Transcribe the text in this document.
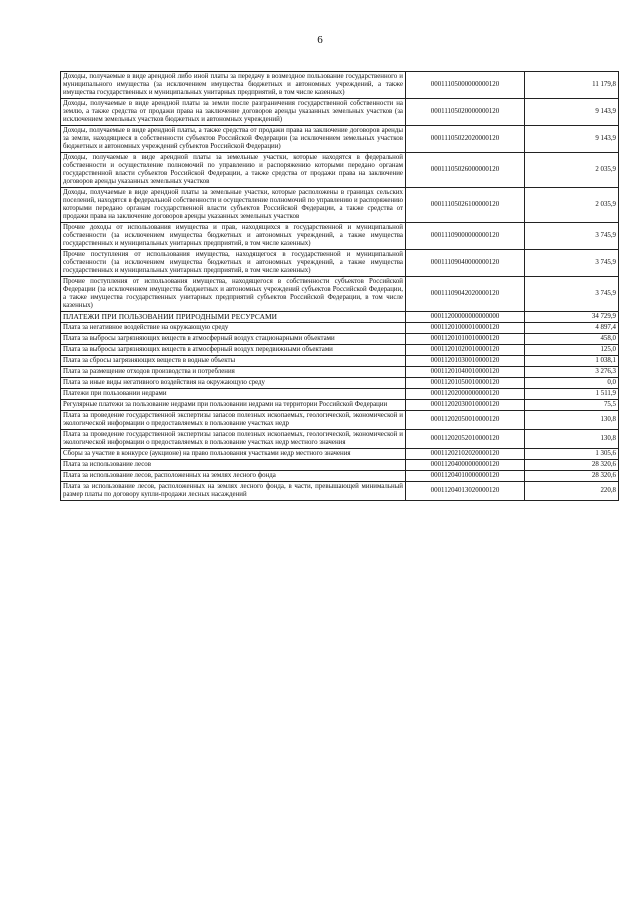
6
Доходы, получаемые в виде арендной либо иной платы за передачу в возмездное пользование государственного и муниципального имущества (за исключением имущества бюджетных и автономных учреждений, а также имущества государственных и муниципальных унитарных предприятий, в том числе казенных)	00011105000000000120	11 179,8
Доходы, получаемые в виде арендной платы за земли после разграничения государственной собственности на землю, а также средства от продажи права на заключение договоров аренды указанных земельных участков (за исключением земельных участков бюджетных и автономных учреждений)	00011105020000000120	9 143,9
Доходы, получаемые в виде арендной платы, а также средства от продажи права на заключение договоров аренды за земли, находящиеся в собственности субъектов Российской Федерации (за исключением земельных участков бюджетных и автономных учреждений субъектов Российской Федерации)	00011105022020000120	9 143,9
Доходы, получаемые в виде арендной платы за земельные участки, которые находятся в федеральной собственности и осуществление полномочий по управлению и распоряжению которыми передано органам государственной власти субъектов Российской Федерации, а также средства от продажи права на заключение договоров аренды указанных земельных участков	00011105026000000120	2 035,9
Доходы, получаемые в виде арендной платы за земельные участки, которые расположены в границах сельских поселений, находятся в федеральной собственности и осуществление полномочий по управлению и распоряжению которыми передано органам государственной власти субъектов Российской Федерации, а также средства от продажи права на заключение договоров аренды указанных земельных участков	00011105026100000120	2 035,9
Прочие доходы от использования имущества и прав, находящихся в государственной и муниципальной собственности (за исключением имущества бюджетных и автономных учреждений, а также имущества государственных и муниципальных унитарных предприятий, в том числе казенных)	00011109000000000120	3 745,9
Прочие поступления от использования имущества, находящегося в государственной и муниципальной собственности (за исключением имущества бюджетных и автономных учреждений, а также имущества государственных и муниципальных унитарных предприятий, в том числе казенных)	00011109040000000120	3 745,9
Прочие поступления от использования имущества, находящегося в собственности субъектов Российской Федерации (за исключением имущества бюджетных и автономных учреждений субъектов Российской Федерации, а также имущества государственных унитарных предприятий субъектов Российской Федерации, в том числе казенных)	00011109042020000120	3 745,9
ПЛАТЕЖИ ПРИ ПОЛЬЗОВАНИИ ПРИРОДНЫМИ РЕСУРСАМИ	00011200000000000000	34 729,9
Плата за негативное воздействие на окружающую среду	00011201000010000120	4 897,4
Плата за выбросы загрязняющих веществ в атмосферный воздух стационарными объектами	00011201010010000120	458,0
Плата за выбросы загрязняющих веществ в атмосферный воздух передвижными объектами	00011201020010000120	125,0
Плата за сбросы загрязняющих веществ в водные объекты	00011201030010000120	1 038,1
Плата за размещение отходов производства и потребления	00011201040010000120	3 276,3
Плата за иные виды негативного воздействия на окружающую среду	00011201050010000120	0,0
Платежи при пользовании недрами	00011202000000000120	1 511,9
Регулярные платежи за пользование недрами при пользовании недрами на территории Российской Федерации	00011202030010000120	75,5
Плата за проведение государственной экспертизы запасов полезных ископаемых, геологической, экономической и экологической информации о предоставляемых в пользование участках недр	00011202050010000120	130,8
Плата за проведение государственной экспертизы запасов полезных ископаемых, геологической, экономической и экологической информации о предоставляемых в пользование участках недр местного значения	00011202052010000120	130,8
Сборы за участие в конкурсе (аукционе) на право пользования участками недр местного значения	00011202102020000120	1 305,6
Плата за использование лесов	00011204000000000120	28 320,6
Плата за использование лесов, расположенных на землях лесного фонда	00011204010000000120	28 320,6
Плата за использование лесов, расположенных на землях лесного фонда, в части, превышающей минимальный размер платы по договору купли-продажи лесных насаждений	00011204013020000120	220,8
